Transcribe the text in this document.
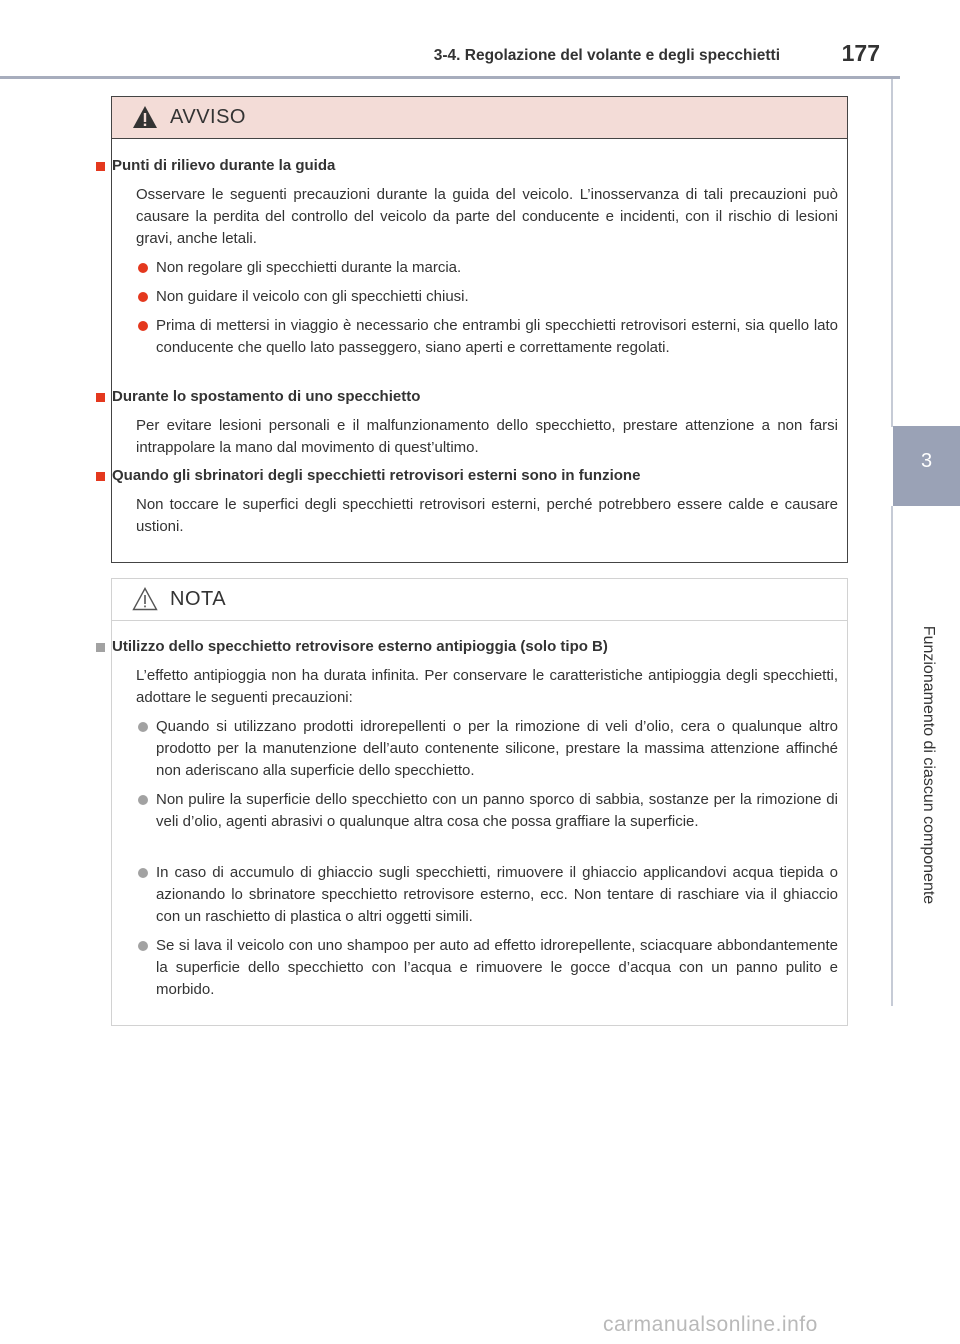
3-4. Regolazione del volante e degli specchietti	177
3
Funzionamento di ciascun componente
AVVISO
Punti di rilievo durante la guida
Osservare le seguenti precauzioni durante la guida del veicolo. L’inosservanza di tali precauzioni può causare la perdita del controllo del veicolo da parte del conducente e incidenti, con il rischio di lesioni gravi, anche letali.
Non regolare gli specchietti durante la marcia.
Non guidare il veicolo con gli specchietti chiusi.
Prima di mettersi in viaggio è necessario che entrambi gli specchietti retrovisori esterni, sia quello lato conducente che quello lato passeggero, siano aperti e correttamente regolati.
Durante lo spostamento di uno specchietto
Per evitare lesioni personali e il malfunzionamento dello specchietto, prestare attenzione a non farsi intrappolare la mano dal movimento di quest’ultimo.
Quando gli sbrinatori degli specchietti retrovisori esterni sono in funzione
Non toccare le superfici degli specchietti retrovisori esterni, perché potrebbero essere calde e causare ustioni.
NOTA
Utilizzo dello specchietto retrovisore esterno antipioggia (solo tipo B)
L’effetto antipioggia non ha durata infinita. Per conservare le caratteristiche antipioggia degli specchietti, adottare le seguenti precauzioni:
Quando si utilizzano prodotti idrorepellenti o per la rimozione di veli d’olio, cera o qualunque altro prodotto per la manutenzione dell’auto contenente silicone, prestare la massima attenzione affinché non aderiscano alla superficie dello specchietto.
Non pulire la superficie dello specchietto con un panno sporco di sabbia, sostanze per la rimozione di veli d’olio, agenti abrasivi o qualunque altra cosa che possa graffiare la superficie.
In caso di accumulo di ghiaccio sugli specchietti, rimuovere il ghiaccio applicandovi acqua tiepida o azionando lo sbrinatore specchietto retrovisore esterno, ecc. Non tentare di raschiare via il ghiaccio con un raschietto di plastica o altri oggetti simili.
Se si lava il veicolo con uno shampoo per auto ad effetto idrorepellente, sciacquare abbondantemente la superficie dello specchietto con l’acqua e rimuovere le gocce d’acqua con un panno pulito e morbido.
carmanualsonline.info
